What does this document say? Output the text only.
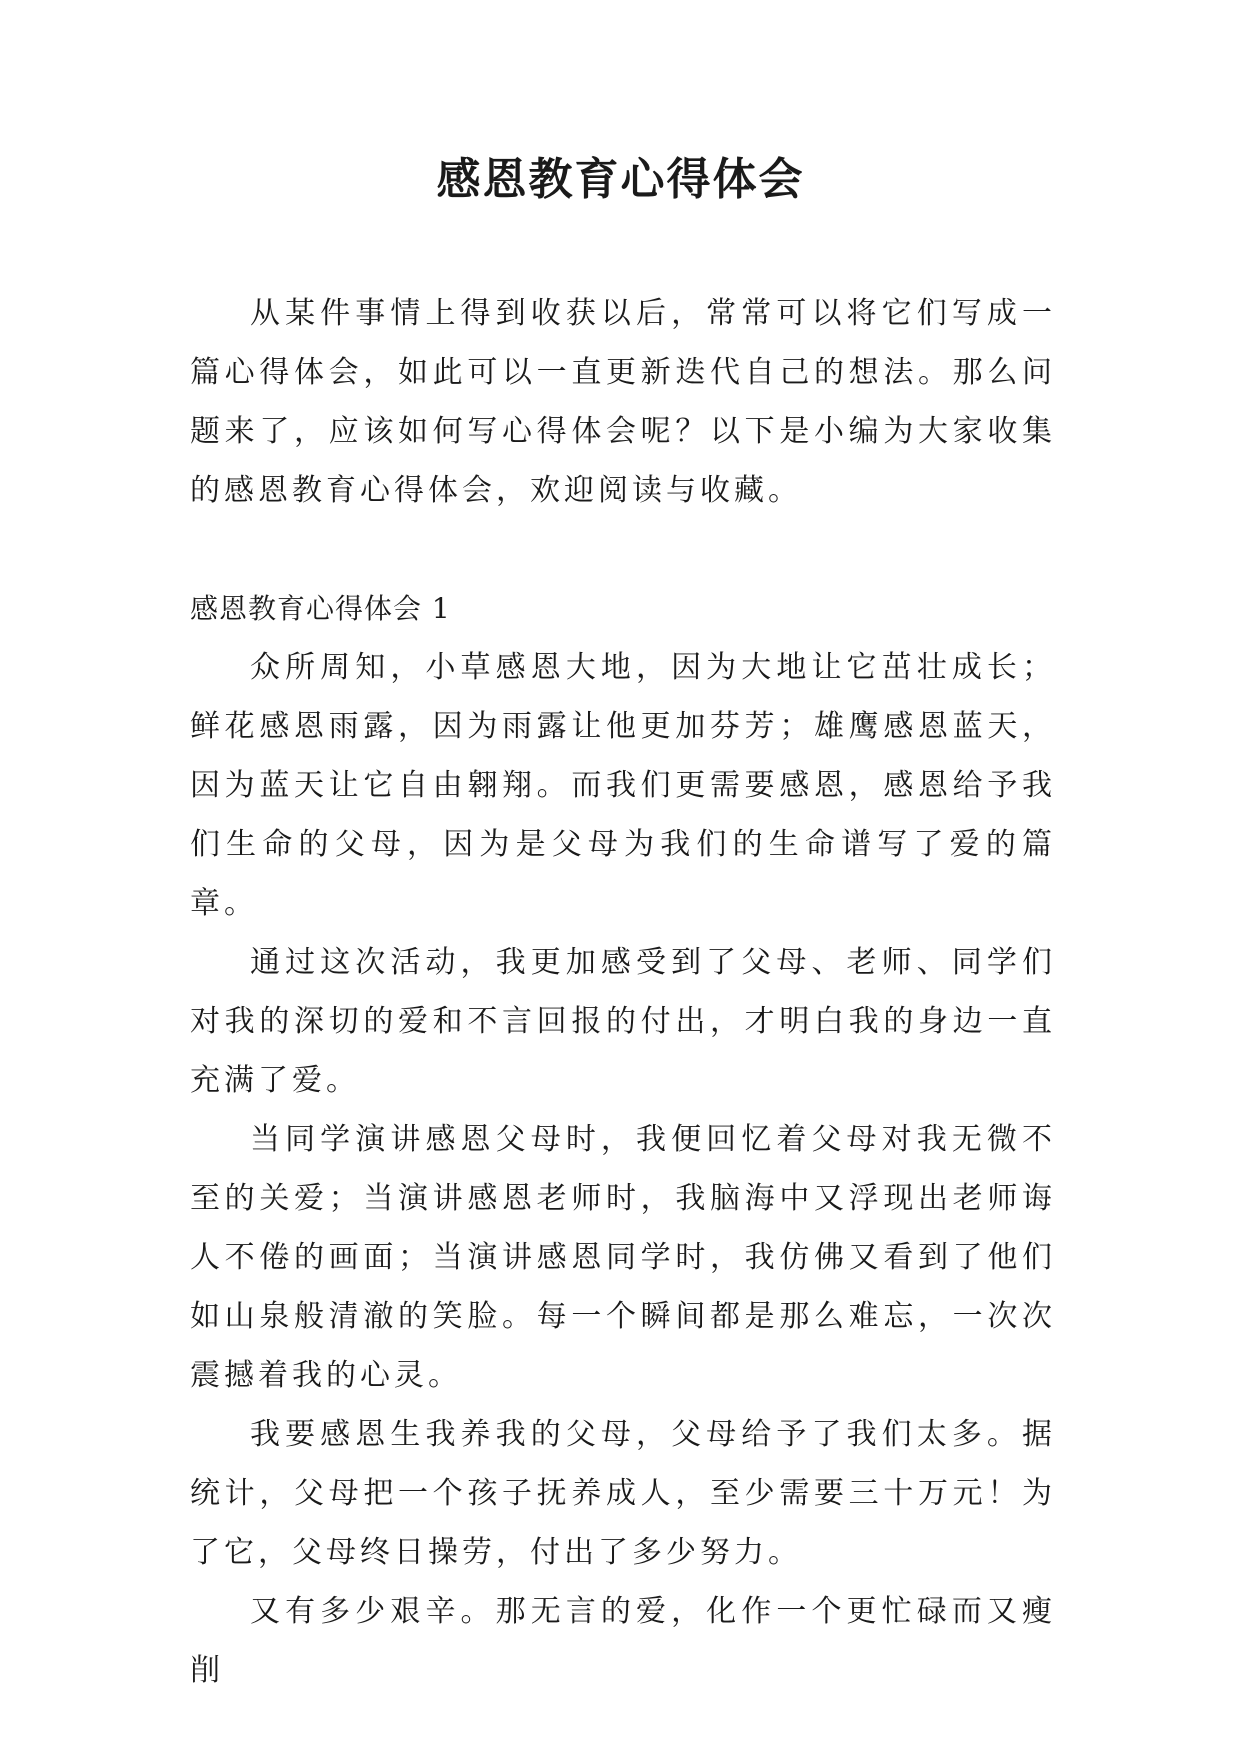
感恩教育心得体会

从某件事情上得到收获以后，常常可以将它们写成一篇心得体会，如此可以一直更新迭代自己的想法。那么问题来了，应该如何写心得体会呢？以下是小编为大家收集的感恩教育心得体会，欢迎阅读与收藏。

感恩教育心得体会 1

众所周知，小草感恩大地，因为大地让它茁壮成长；鲜花感恩雨露，因为雨露让他更加芬芳；雄鹰感恩蓝天，因为蓝天让它自由翱翔。而我们更需要感恩，感恩给予我们生命的父母，因为是父母为我们的生命谱写了爱的篇章。

通过这次活动，我更加感受到了父母、老师、同学们对我的深切的爱和不言回报的付出，才明白我的身边一直充满了爱。

当同学演讲感恩父母时，我便回忆着父母对我无微不至的关爱；当演讲感恩老师时，我脑海中又浮现出老师诲人不倦的画面；当演讲感恩同学时，我仿佛又看到了他们如山泉般清澈的笑脸。每一个瞬间都是那么难忘，一次次震撼着我的心灵。

我要感恩生我养我的父母，父母给予了我们太多。据统计，父母把一个孩子抚养成人，至少需要三十万元！为了它，父母终日操劳，付出了多少努力。

又有多少艰辛。那无言的爱，化作一个更忙碌而又瘦削
